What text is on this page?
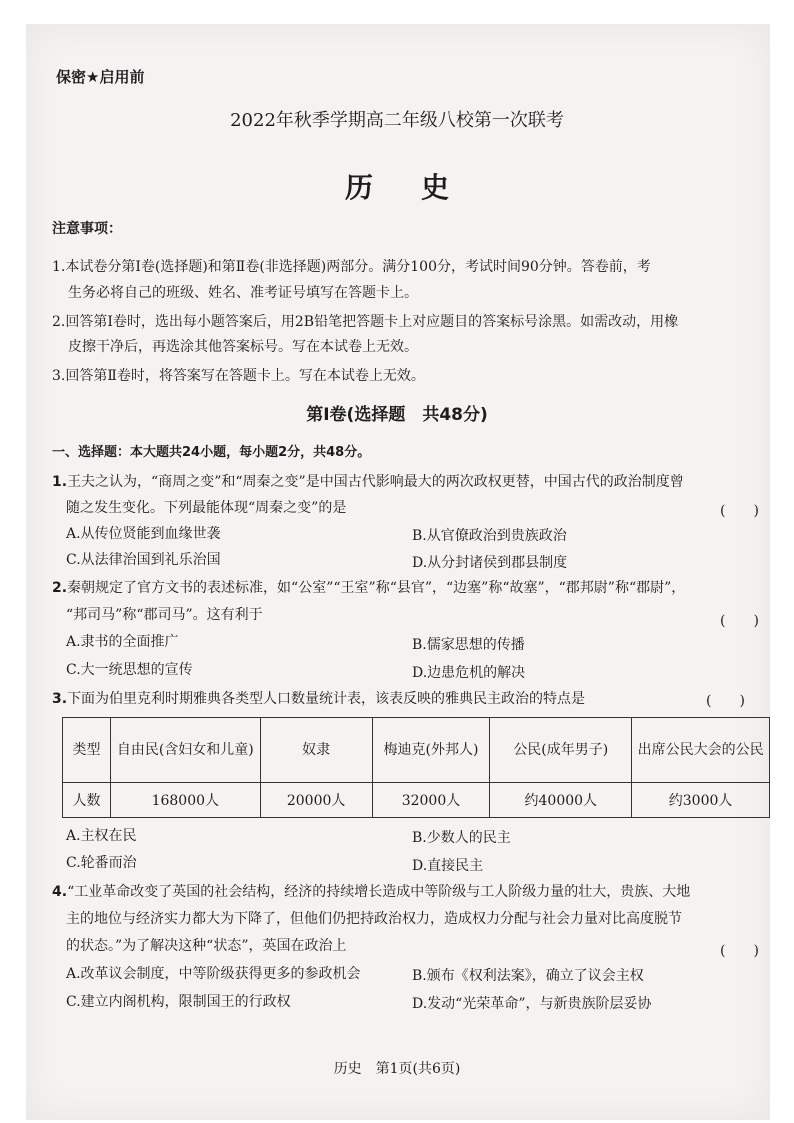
保密★启用前
2022年秋季学期高二年级八校第一次联考
历史
注意事项：
1.本试卷分第Ⅰ卷(选择题)和第Ⅱ卷(非选择题)两部分。满分100分，考试时间90分钟。答卷前，考
生务必将自己的班级、姓名、准考证号填写在答题卡上。
2.回答第Ⅰ卷时，选出每小题答案后，用2B铅笔把答题卡上对应题目的答案标号涂黑。如需改动，用橡
皮擦干净后，再选涂其他答案标号。写在本试卷上无效。
3.回答第Ⅱ卷时，将答案写在答题卡上。写在本试卷上无效。
第Ⅰ卷(选择题　共48分)
一、选择题：本大题共24小题，每小题2分，共48分。
1.王夫之认为，“商周之变”和“周秦之变”是中国古代影响最大的两次政权更替，中国古代的政治制度曾
随之发生变化。下列最能体现“周秦之变”的是	(　　)
A.从传位贤能到血缘世袭	B.从官僚政治到贵族政治
C.从法律治国到礼乐治国	D.从分封诸侯到郡县制度
2.秦朝规定了官方文书的表述标准，如“公室”“王室”称“县官”，“边塞”称“故塞”，“郡邦尉”称“郡尉”，
“邦司马”称“郡司马”。这有利于	(　　)
A.隶书的全面推广	B.儒家思想的传播
C.大一统思想的宣传	D.边患危机的解决
3.下面为伯里克利时期雅典各类型人口数量统计表，该表反映的雅典民主政治的特点是	(　　)
类型	自由民(含妇女和儿童)	奴隶	梅迪克(外邦人)	公民(成年男子)	出席公民大会的公民
人数	168000人	20000人	32000人	约40000人	约3000人
A.主权在民	B.少数人的民主
C.轮番而治	D.直接民主
4.“工业革命改变了英国的社会结构，经济的持续增长造成中等阶级与工人阶级力量的壮大，贵族、大地
主的地位与经济实力都大为下降了，但他们仍把持政治权力，造成权力分配与社会力量对比高度脱节
的状态。”为了解决这种“状态”，英国在政治上	(　　)
A.改革议会制度，中等阶级获得更多的参政机会	B.颁布《权利法案》，确立了议会主权
C.建立内阁机构，限制国王的行政权	D.发动“光荣革命”，与新贵族阶层妥协
历史　第1页(共6页)
